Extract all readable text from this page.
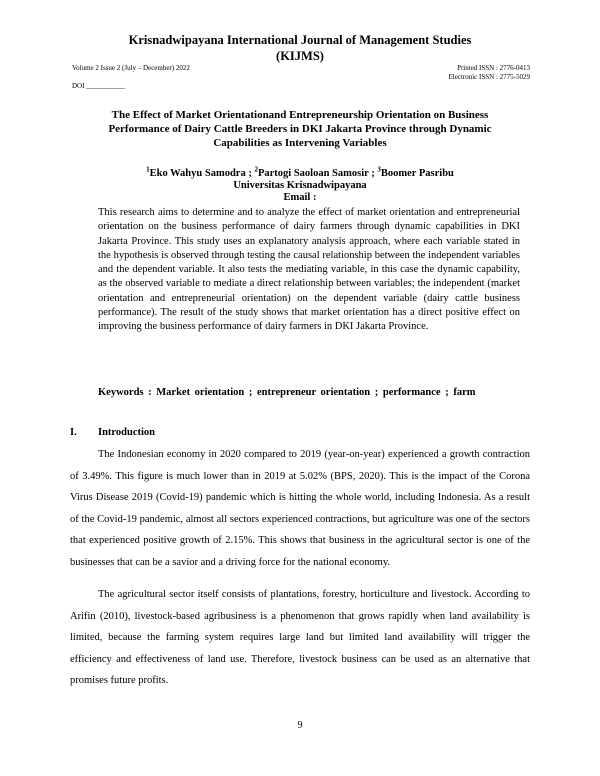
Krisnadwipayana International Journal of Management Studies
(KIJMS)
Volume 2 Issue 2 (July – December) 2022	Printed ISSN : 2776-0413
Electronic ISSN : 2775-5029
DOI ___________
The Effect of Market Orientationand Entrepreneurship Orientation on Business Performance of Dairy Cattle Breeders in DKI Jakarta Province through Dynamic Capabilities as Intervening Variables
$^1$Eko Wahyu Samodra ; $^2$Partogi Saoloan Samosir ; $^3$Boomer Pasribu
Universitas Krisnadwipayana
Email :
This research aims to determine and to analyze the effect of market orientation and entrepreneurial orientation on the business performance of dairy farmers through dynamic capabilities in DKI Jakarta Province. This study uses an explanatory analysis approach, where each variable stated in the hypothesis is observed through testing the causal relationship between the independent variables and the dependent variable. It also tests the mediating variable, in this case the dynamic capability, as the observed variable to mediate a direct relationship between variables; the independent (market orientation and entrepreneurial orientation) on the dependent variable (dairy cattle business performance). The result of the study shows that market orientation has a direct positive effect on improving the business performance of dairy farmers in DKI Jakarta Province.
Keywords : Market orientation ; entrepreneur orientation ; performance ; farm
I. Introduction

The Indonesian economy in 2020 compared to 2019 (year-on-year) experienced a growth contraction of 3.49%. This figure is much lower than in 2019 at 5.02% (BPS, 2020). This is the impact of the Corona Virus Disease 2019 (Covid-19) pandemic which is hitting the whole world, including Indonesia. As a result of the Covid-19 pandemic, almost all sectors experienced contractions, but agriculture was one of the sectors that experienced positive growth of 2.15%. This shows that business in the agricultural sector is one of the businesses that can be a savior and a driving force for the national economy.

The agricultural sector itself consists of plantations, forestry, horticulture and livestock. According to Arifin (2010), livestock-based agribusiness is a phenomenon that grows rapidly when land availability is limited, because the farming system requires large land but limited land availability will trigger the efficiency and effectiveness of land use. Therefore, livestock business can be used as an alternative that promises future profits.

9
